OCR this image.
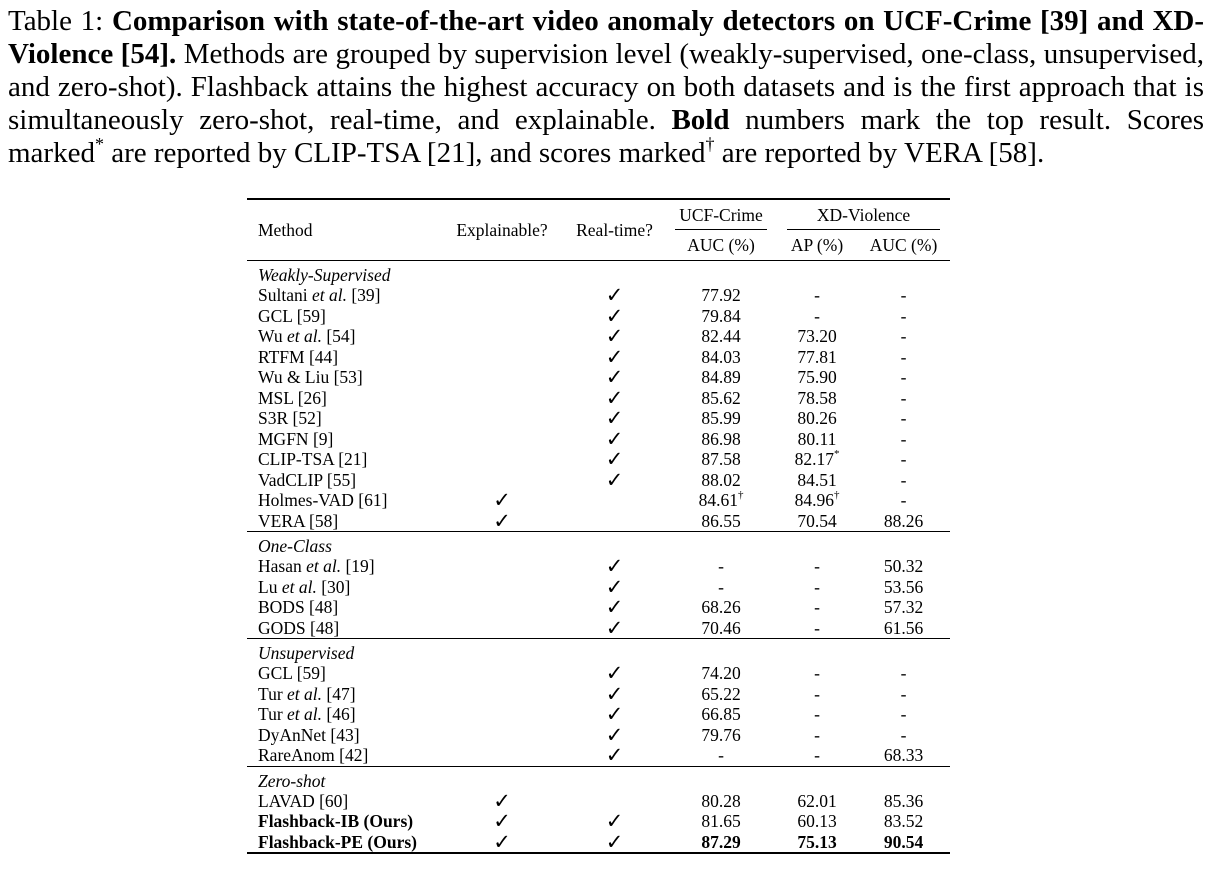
Table 1: Comparison with state-of-the-art video anomaly detectors on UCF-Crime [39] and XD-Violence [54]. Methods are grouped by supervision level (weakly-supervised, one-class, unsupervised, and zero-shot). Flashback attains the highest accuracy on both datasets and is the first approach that is simultaneously zero-shot, real-time, and explainable. Bold numbers mark the top result. Scores marked* are reported by CLIP-TSA [21], and scores marked† are reported by VERA [58].
Method	Explainable?	Real-time?	UCF-Crime	XD-Violence	

			AUC (%)	AP (%)	AUC (%)
Weakly-Supervised					
Sultani et al. [39]		✓	77.92	-	-
GCL [59]		✓	79.84	-	-
Wu et al. [54]		✓	82.44	73.20	-
RTFM [44]		✓	84.03	77.81	-
Wu & Liu [53]		✓	84.89	75.90	-
MSL [26]		✓	85.62	78.58	-
S3R [52]		✓	85.99	80.26	-
MGFN [9]		✓	86.98	80.11	-
CLIP-TSA [21]		✓	87.58	82.17*	-
VadCLIP [55]		✓	88.02	84.51	-
Holmes-VAD [61]	✓		84.61†	84.96†	-
VERA [58]	✓		86.55	70.54	88.26
One-Class					
Hasan et al. [19]		✓	-	-	50.32
Lu et al. [30]		✓	-	-	53.56
BODS [48]		✓	68.26	-	57.32
GODS [48]		✓	70.46	-	61.56
Unsupervised					
GCL [59]		✓	74.20	-	-
Tur et al. [47]		✓	65.22	-	-
Tur et al. [46]		✓	66.85	-	-
DyAnNet [43]		✓	79.76	-	-
RareAnom [42]		✓	-	-	68.33
Zero-shot					
LAVAD [60]	✓		80.28	62.01	85.36
Flashback-IB (Ours)	✓	✓	81.65	60.13	83.52
Flashback-PE (Ours)	✓	✓	87.29	75.13	90.54
